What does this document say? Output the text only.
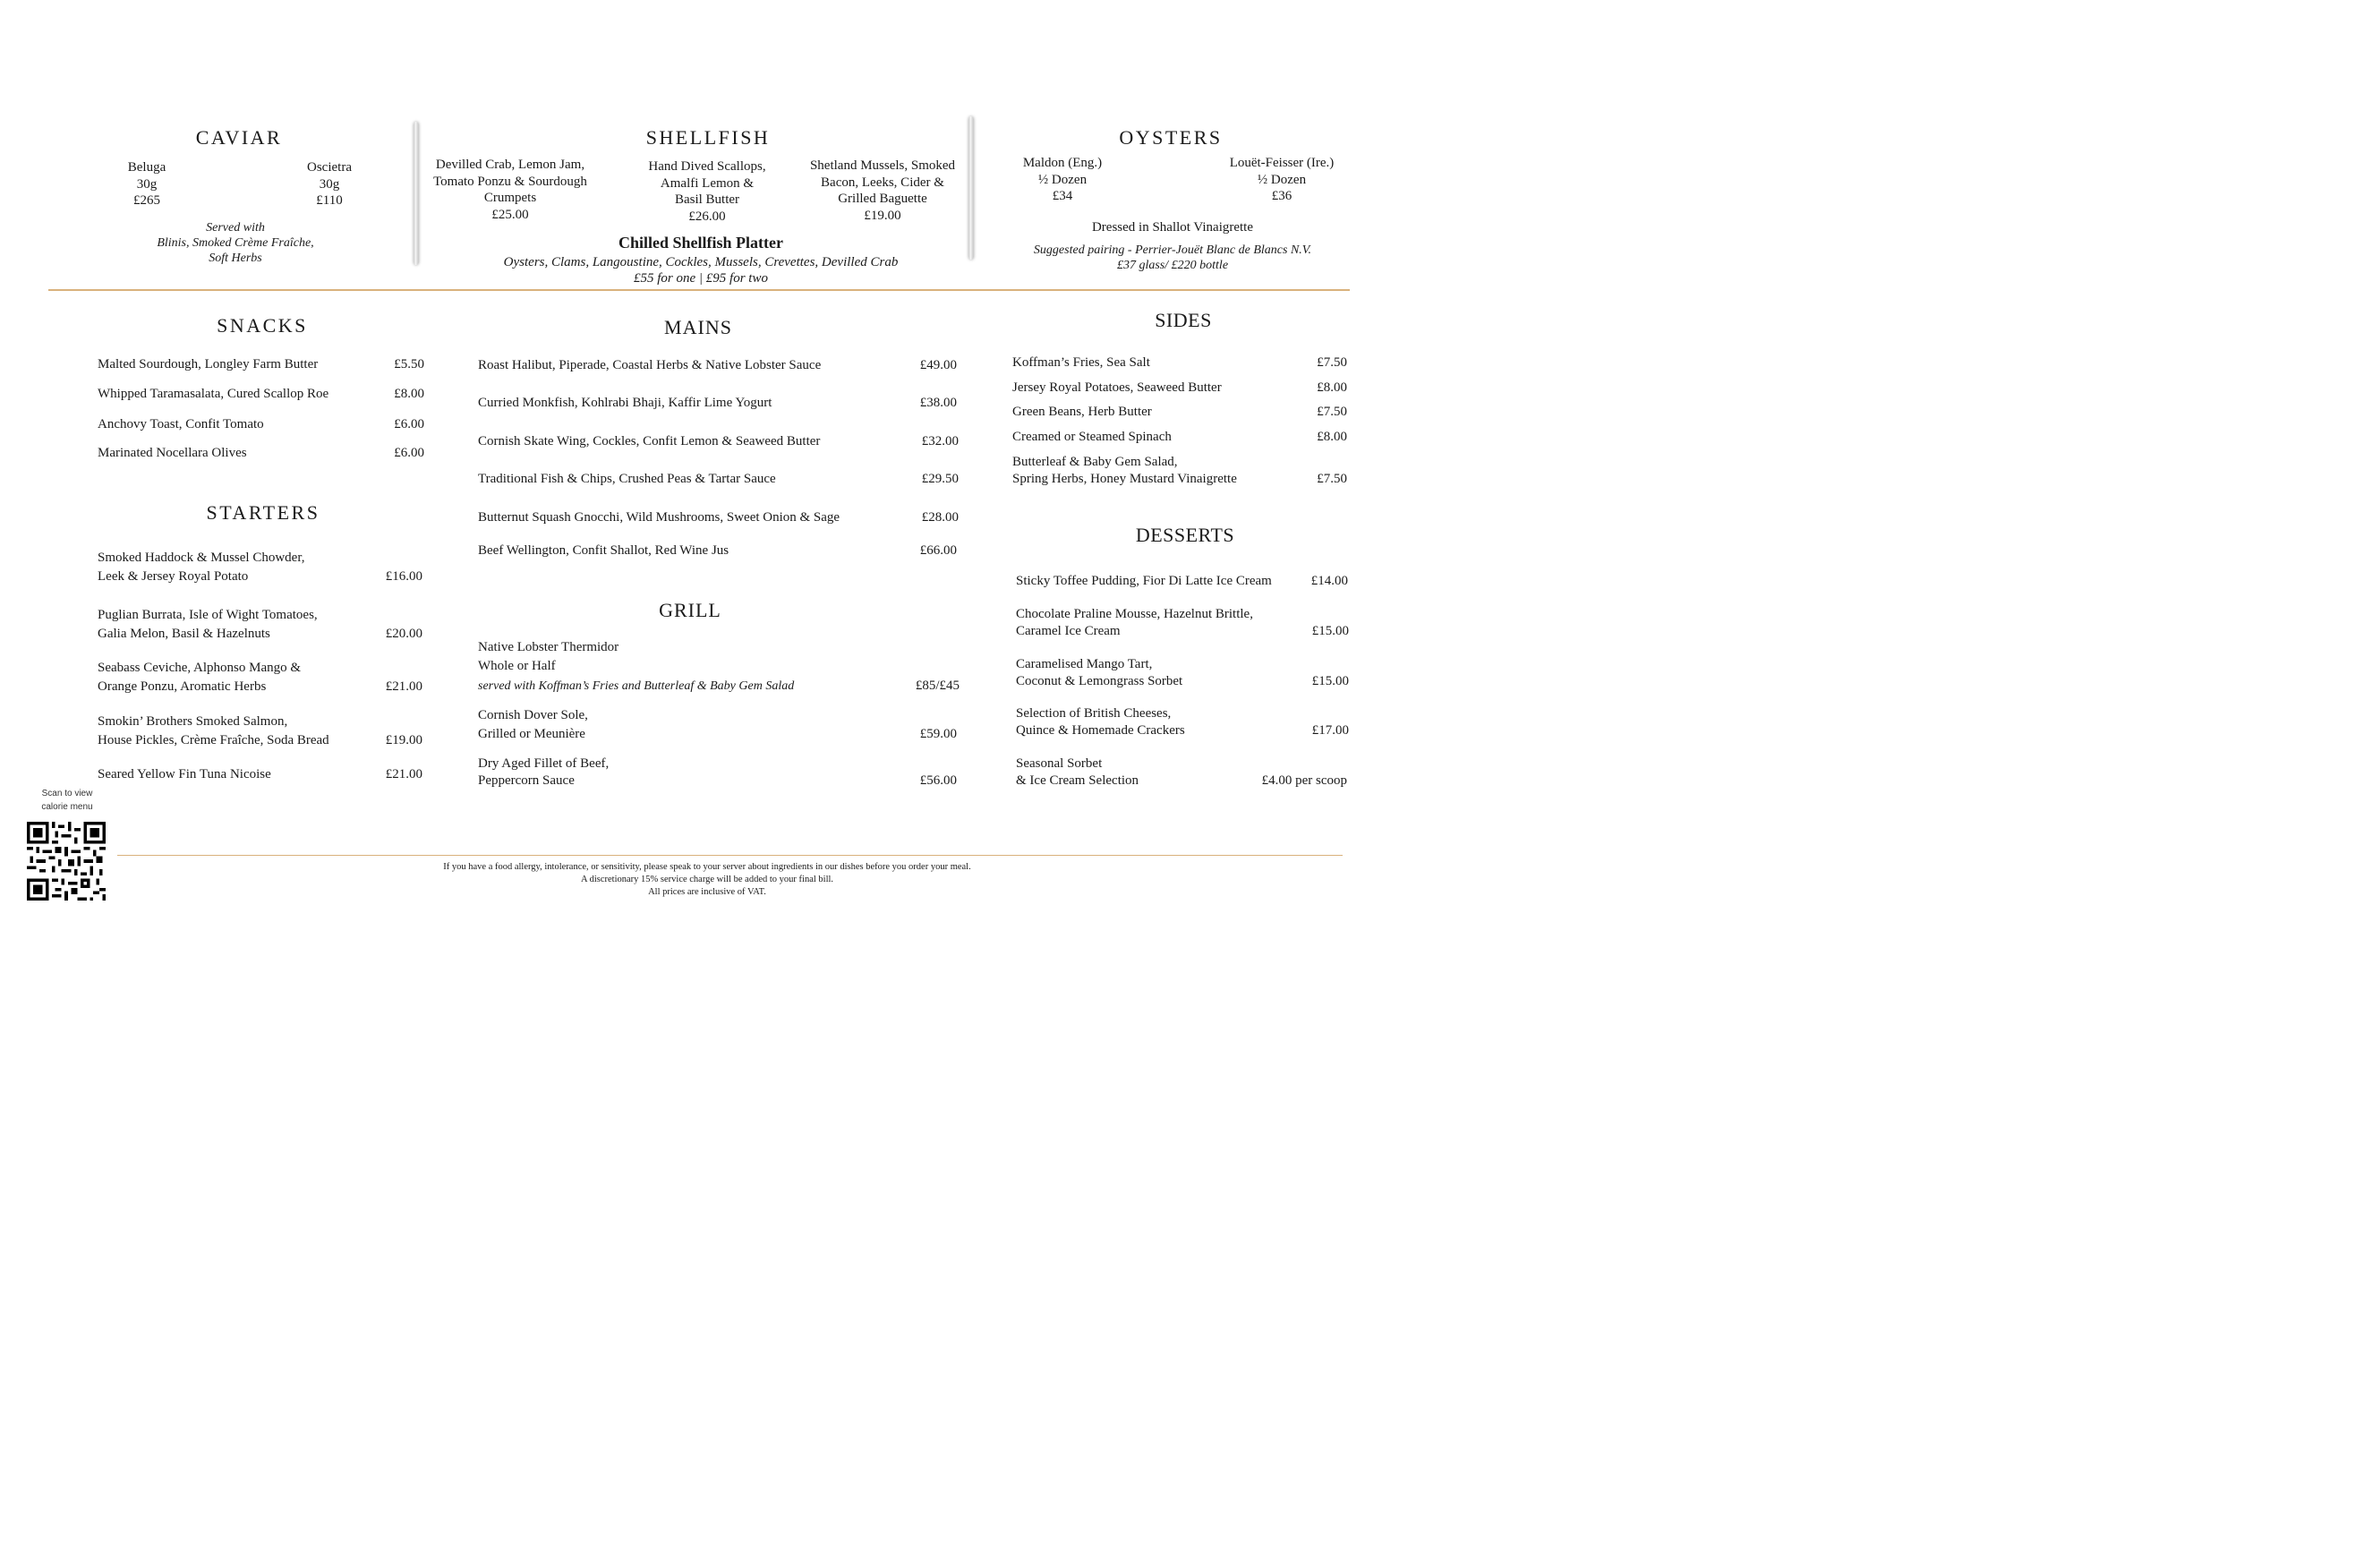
CAVIAR
Beluga
30g
£265
Oscietra
30g
£110
Served with
Blinis, Smoked Crème Fraîche,
Soft Herbs
SHELLFISH
Devilled Crab, Lemon Jam,
Tomato Ponzu & Sourdough
Crumpets
£25.00
Hand Dived Scallops,
Amalfi Lemon &
Basil Butter
£26.00
Shetland Mussels, Smoked
Bacon, Leeks, Cider &
Grilled Baguette
£19.00
Chilled Shellfish Platter
Oysters, Clams, Langoustine, Cockles, Mussels, Crevettes, Devilled Crab
£55 for one | £95 for two
OYSTERS
Maldon (Eng.)
½ Dozen
£34
Louët-Feisser (Ire.)
½ Dozen
£36
Dressed in Shallot Vinaigrette
Suggested pairing - Perrier-Jouët Blanc de Blancs N.V.
£37 glass/ £220 bottle
SNACKS
Malted Sourdough, Longley Farm Butter	£5.50
Whipped Taramasalata, Cured Scallop Roe	£8.00
Anchovy Toast, Confit Tomato	£6.00
Marinated Nocellara Olives	£6.00
STARTERS
Smoked Haddock & Mussel Chowder,
Leek & Jersey Royal Potato	£16.00
Puglian Burrata, Isle of Wight Tomatoes,
Galia Melon, Basil & Hazelnuts	£20.00
Seabass Ceviche, Alphonso Mango &
Orange Ponzu, Aromatic Herbs	£21.00
Smokin’ Brothers Smoked Salmon,
House Pickles, Crème Fraîche, Soda Bread	£19.00
Seared Yellow Fin Tuna Nicoise	£21.00
MAINS
Roast Halibut, Piperade, Coastal Herbs & Native Lobster Sauce	£49.00
Curried Monkfish, Kohlrabi Bhaji, Kaffir Lime Yogurt	£38.00
Cornish Skate Wing, Cockles, Confit Lemon & Seaweed Butter	£32.00
Traditional Fish & Chips, Crushed Peas & Tartar Sauce	£29.50
Butternut Squash Gnocchi, Wild Mushrooms, Sweet Onion & Sage	£28.00
Beef Wellington, Confit Shallot, Red Wine Jus	£66.00
GRILL
Native Lobster Thermidor
Whole or Half
served with Koffman’s Fries and Butterleaf & Baby Gem Salad	£85/£45
Cornish Dover Sole,
Grilled or Meunière	£59.00
Dry Aged Fillet of Beef,
Peppercorn Sauce	£56.00
SIDES
Koffman’s Fries, Sea Salt	£7.50
Jersey Royal Potatoes, Seaweed Butter	£8.00
Green Beans, Herb Butter	£7.50
Creamed or Steamed Spinach	£8.00
Butterleaf & Baby Gem Salad,
Spring Herbs, Honey Mustard Vinaigrette	£7.50
DESSERTS
Sticky Toffee Pudding, Fior Di Latte Ice Cream	£14.00
Chocolate Praline Mousse, Hazelnut Brittle,
Caramel Ice Cream	£15.00
Caramelised Mango Tart,
Coconut & Lemongrass Sorbet	£15.00
Selection of British Cheeses,
Quince & Homemade Crackers	£17.00
Seasonal Sorbet
& Ice Cream Selection	£4.00 per scoop
Scan to view
calorie menu
If you have a food allergy, intolerance, or sensitivity, please speak to your server about ingredients in our dishes before you order your meal.
A discretionary 15% service charge will be added to your final bill.
All prices are inclusive of VAT.
